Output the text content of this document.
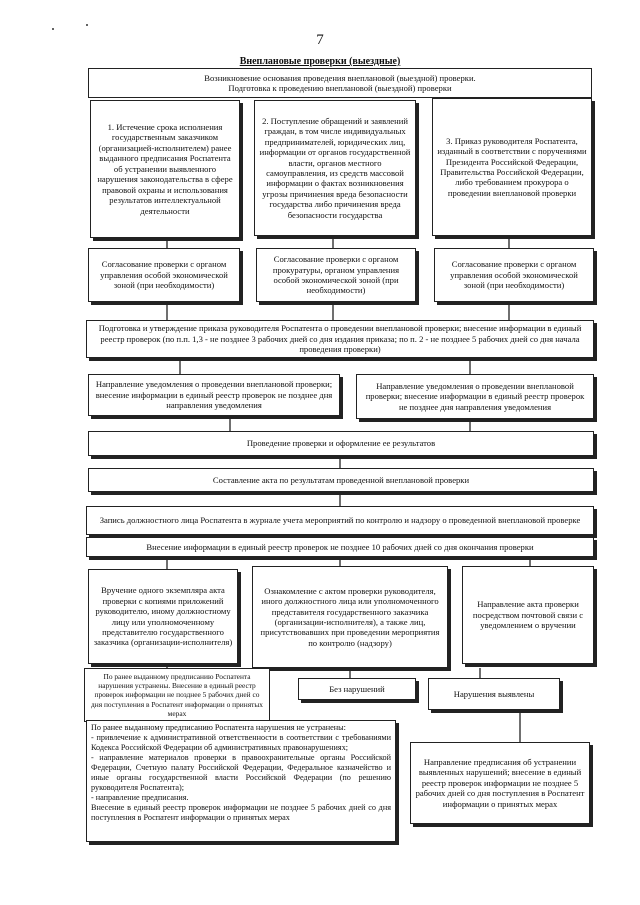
7
Внеплановые проверки (выездные)
Возникновение основания проведения внеплановой (выездной) проверки.
Подготовка к проведению внеплановой (выездной) проверки
1. Истечение срока исполнения государственным заказчиком (организацией-исполнителем) ранее выданного предписания Роспатента об устранении выявленного нарушения законодательства в сфере правовой охраны и использования результатов интеллектуальной деятельности
2. Поступление обращений и заявлений граждан, в том числе индивидуальных предпринимателей, юридических лиц, информации от органов государственной власти, органов местного самоуправления, из средств массовой информации о фактах возникновения угрозы причинения вреда безопасности государства либо причинения вреда безопасности государства
3. Приказ руководителя Роспатента, изданный в соответствии с поручениями Президента Российской Федерации, Правительства Российской Федерации, либо требованием прокурора о проведении внеплановой проверки
Согласование проверки с органом управления особой экономической зоной (при необходимости)
Согласование проверки с органом прокуратуры, органом управления особой экономической зоной (при необходимости)
Согласование проверки с органом управления особой экономической зоной (при необходимости)
Подготовка и утверждение приказа руководителя Роспатента о проведении внеплановой проверки; внесение информации в единый реестр проверок (по п.п. 1,3 - не позднее 3 рабочих дней со дня издания приказа; по п. 2 - не позднее 5 рабочих дней со дня начала проведения проверки)
Направление уведомления о проведении внеплановой проверки; внесение информации в единый реестр проверок не позднее дня направления уведомления
Направление уведомления о проведении внеплановой проверки; внесение информации в единый реестр проверок не позднее дня направления уведомления
Проведение проверки и оформление ее результатов
Составление акта по результатам проведенной внеплановой проверки
Запись должностного лица Роспатента в журнале учета мероприятий по контролю и надзору о проведенной внеплановой проверке
Внесение информации в единый реестр проверок не позднее 10 рабочих дней со дня окончания проверки
Вручение одного экземпляра акта проверки с копиями приложений руководителю, иному должностному лицу или уполномоченному представителю государственного заказчика (организации-исполнителя)
Ознакомление с актом проверки руководителя, иного должностного лица или уполномоченного представителя государственного заказчика (организации-исполнителя), а также лиц, присутствовавших при проведении мероприятия по контролю (надзору)
Направление акта проверки посредством почтовой связи с уведомлением о вручении
По ранее выданному предписанию Роспатента нарушения устранены. Внесение в единый реестр проверок информации не позднее 5 рабочих дней со дня поступления в Роспатент информации о принятых мерах
Без нарушений	Нарушения выявлены
По ранее выданному предписанию Роспатента нарушения не устранены:
- привлечение к административной ответственности в соответствии с требованиями Кодекса Российской Федерации об административных правонарушениях;
- направление материалов проверки в правоохранительные органы Российской Федерации, Счетную палату Российской Федерации, Федеральное казначейство и иные органы государственной власти Российской Федерации (по решению руководителя Роспатента);
- направление предписания.
Внесение в единый реестр проверок информации не позднее 5 рабочих дней со дня поступления в Роспатент информации о принятых мерах
Направление предписания об устранении выявленных нарушений; внесение в единый реестр проверок информации не позднее 5 рабочих дней со дня поступления в Роспатент информации о принятых мерах
